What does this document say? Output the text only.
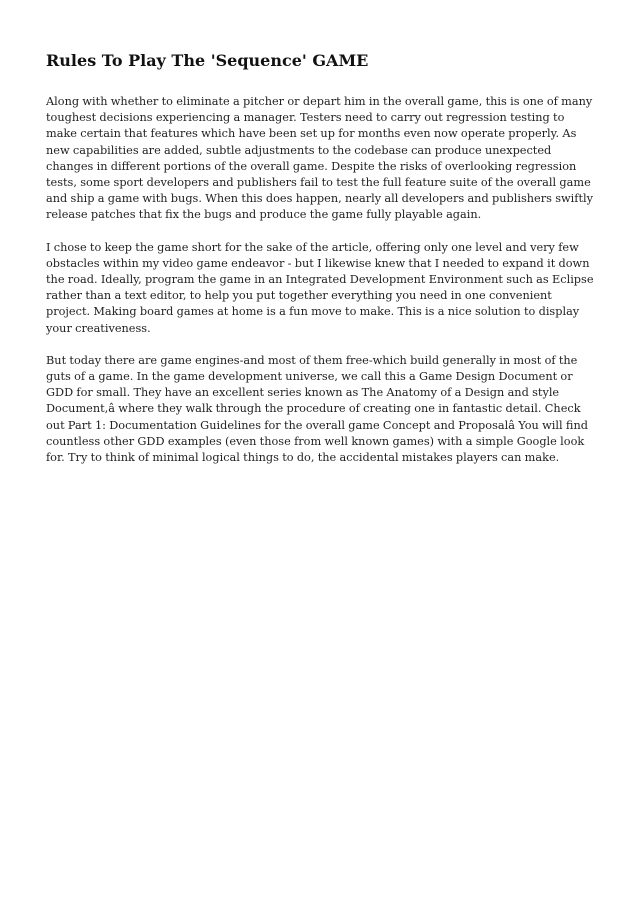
Rules To Play The 'Sequence' GAME

Along with whether to eliminate a pitcher or depart him in the overall game, this is one of many toughest decisions experiencing a manager. Testers need to carry out regression testing to make certain that features which have been set up for months even now operate properly. As new capabilities are added, subtle adjustments to the codebase can produce unexpected changes in different portions of the overall game. Despite the risks of overlooking regression tests, some sport developers and publishers fail to test the full feature suite of the overall game and ship a game with bugs. When this does happen, nearly all developers and publishers swiftly release patches that fix the bugs and produce the game fully playable again.

I chose to keep the game short for the sake of the article, offering only one level and very few obstacles within my video game endeavor - but I likewise knew that I needed to expand it down the road. Ideally, program the game in an Integrated Development Environment such as Eclipse rather than a text editor, to help you put together everything you need in one convenient project. Making board games at home is a fun move to make. This is a nice solution to display your creativeness.

But today there are game engines-and most of them free-which build generally in most of the guts of a game. In the game development universe, we call this a Game Design Document or GDD for small. They have an excellent series known as The Anatomy of a Design and style Document,â where they walk through the procedure of creating one in fantastic detail. Check out Part 1: Documentation Guidelines for the overall game Concept and Proposalâ You will find countless other GDD examples (even those from well known games) with a simple Google look for. Try to think of minimal logical things to do, the accidental mistakes players can make.
